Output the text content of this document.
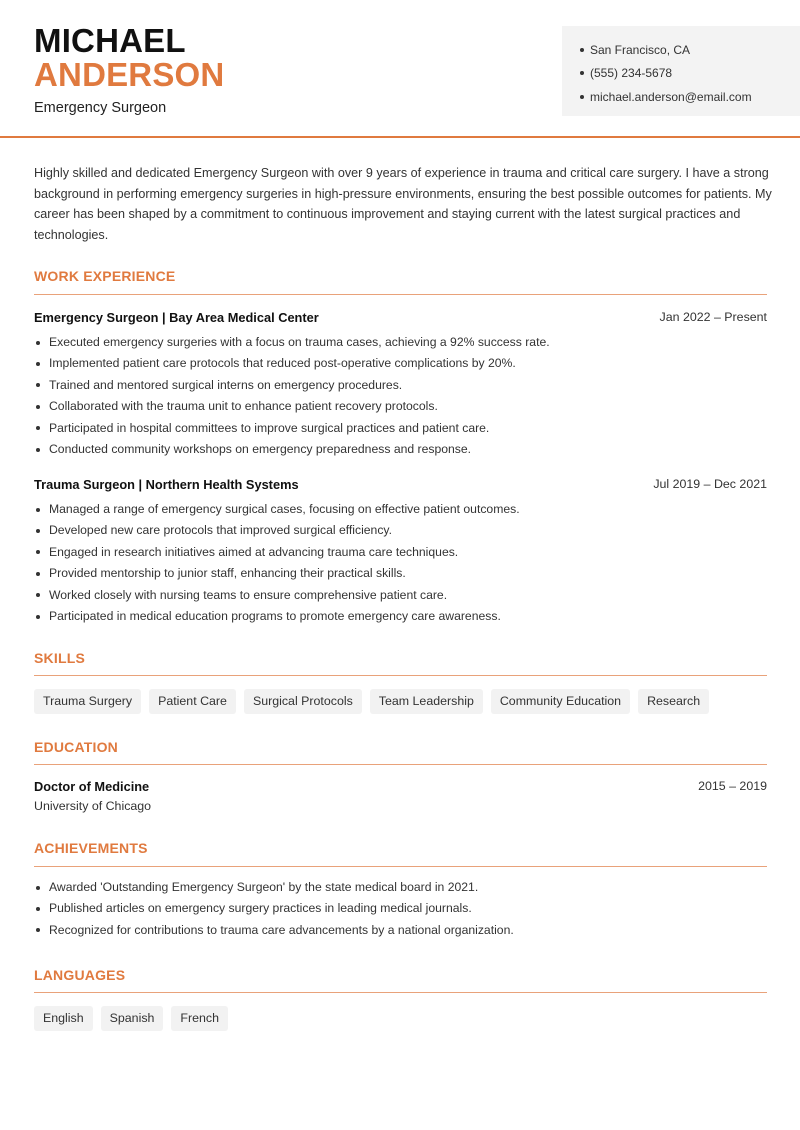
MICHAEL
ANDERSON
Emergency Surgeon
San Francisco, CA
(555) 234-5678
michael.anderson@email.com

Highly skilled and dedicated Emergency Surgeon with over 9 years of experience in trauma and critical care surgery. I have a strong background in performing emergency surgeries in high-pressure environments, ensuring the best possible outcomes for patients. My career has been shaped by a commitment to continuous improvement and staying current with the latest surgical practices and technologies.

WORK EXPERIENCE
Emergency Surgeon | Bay Area Medical Center	Jan 2022 – Present
Executed emergency surgeries with a focus on trauma cases, achieving a 92% success rate.
Implemented patient care protocols that reduced post-operative complications by 20%.
Trained and mentored surgical interns on emergency procedures.
Collaborated with the trauma unit to enhance patient recovery protocols.
Participated in hospital committees to improve surgical practices and patient care.
Conducted community workshops on emergency preparedness and response.
Trauma Surgeon | Northern Health Systems	Jul 2019 – Dec 2021
Managed a range of emergency surgical cases, focusing on effective patient outcomes.
Developed new care protocols that improved surgical efficiency.
Engaged in research initiatives aimed at advancing trauma care techniques.
Provided mentorship to junior staff, enhancing their practical skills.
Worked closely with nursing teams to ensure comprehensive patient care.
Participated in medical education programs to promote emergency care awareness.
SKILLS
Trauma Surgery	Patient Care	Surgical Protocols	Team Leadership	Community Education	Research
EDUCATION
Doctor of Medicine
University of Chicago
2015 – 2019
ACHIEVEMENTS
Awarded 'Outstanding Emergency Surgeon' by the state medical board in 2021.
Published articles on emergency surgery practices in leading medical journals.
Recognized for contributions to trauma care advancements by a national organization.
LANGUAGES
English	Spanish	French
